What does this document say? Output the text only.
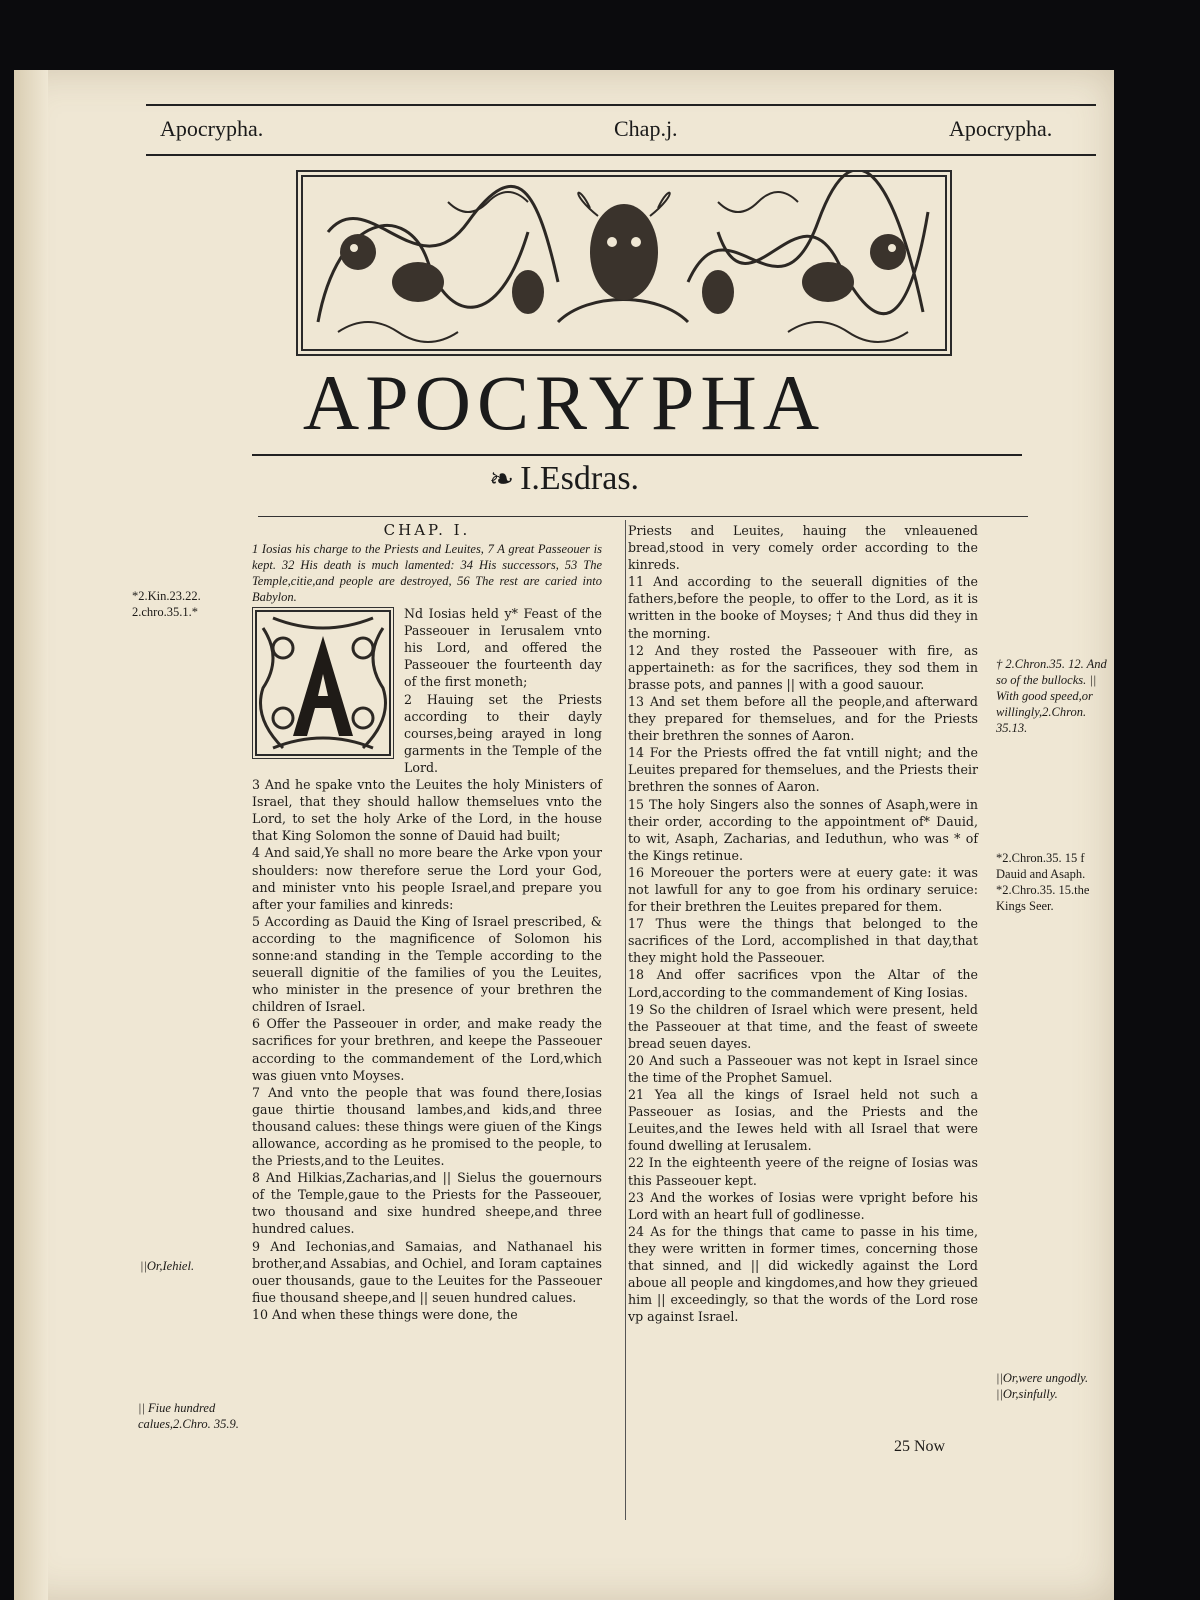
Apocrypha.	Chap.j.	Apocrypha.
APOCRYPHA
❧ I.Esdras.
CHAP. I.

1 Iosias his charge to the Priests and Leuites, 7 A great Passeouer is kept. 32 His death is much lamented: 34 His successors, 53 The Temple,citie,and people are destroyed, 56 The rest are caried into Babylon.

Nd Iosias held y* Feast of the Passeouer in Ierusalem vnto his Lord, and offered the Passeouer the fourteenth day of the first moneth;

2 Hauing set the Priests according to their dayly courses,being arayed in long garments in the Temple of the Lord.

3 And he spake vnto the Leuites the holy Ministers of Israel, that they should hallow themselues vnto the Lord, to set the holy Arke of the Lord, in the house that King Solomon the sonne of Dauid had built;

4 And said,Ye shall no more beare the Arke vpon your shoulders: now therefore serue the Lord your God, and minister vnto his people Israel,and prepare you after your families and kinreds:

5 According as Dauid the King of Israel prescribed, & according to the magnificence of Solomon his sonne:and standing in the Temple according to the seuerall dignitie of the families of you the Leuites, who minister in the presence of your brethren the children of Israel.

6 Offer the Passeouer in order, and make ready the sacrifices for your brethren, and keepe the Passeouer according to the commandement of the Lord,which was giuen vnto Moyses.

7 And vnto the people that was found there,Iosias gaue thirtie thousand lambes,and kids,and three thousand calues: these things were giuen of the Kings allowance, according as he promised to the people, to the Priests,and to the Leuites.

8 And Hilkias,Zacharias,and || Sielus the gouernours of the Temple,gaue to the Priests for the Passeouer, two thousand and sixe hundred sheepe,and three hundred calues.

9 And Iechonias,and Samaias, and Nathanael his brother,and Assabias, and Ochiel, and Ioram captaines ouer thousands, gaue to the Leuites for the Passeouer fiue thousand sheepe,and || seuen hundred calues.

10 And when these things were done, the

Priests and Leuites, hauing the vnleauened bread,stood in very comely order according to the kinreds.

11 And according to the seuerall dignities of the fathers,before the people, to offer to the Lord, as it is written in the booke of Moyses; † And thus did they in the morning.

12 And they rosted the Passeouer with fire, as appertaineth: as for the sacrifices, they sod them in brasse pots, and pannes || with a good sauour.

13 And set them before all the people,and afterward they prepared for themselues, and for the Priests their brethren the sonnes of Aaron.

14 For the Priests offred the fat vntill night; and the Leuites prepared for themselues, and the Priests their brethren the sonnes of Aaron.

15 The holy Singers also the sonnes of Asaph,were in their order, according to the appointment of* Dauid, to wit, Asaph, Zacharias, and Ieduthun, who was * of the Kings retinue.

16 Moreouer the porters were at euery gate: it was not lawfull for any to goe from his ordinary seruice: for their brethren the Leuites prepared for them.

17 Thus were the things that belonged to the sacrifices of the Lord, accomplished in that day,that they might hold the Passeouer.

18 And offer sacrifices vpon the Altar of the Lord,according to the commandement of King Iosias.

19 So the children of Israel which were present, held the Passeouer at that time, and the feast of sweete bread seuen dayes.

20 And such a Passeouer was not kept in Israel since the time of the Prophet Samuel.

21 Yea all the kings of Israel held not such a Passeouer as Iosias, and the Priests and the Leuites,and the Iewes held with all Israel that were found dwelling at Ierusalem.

22 In the eighteenth yeere of the reigne of Iosias was this Passeouer kept.

23 And the workes of Iosias were vpright before his Lord with an heart full of godlinesse.

24 As for the things that came to passe in his time, they were written in former times, concerning those that sinned, and || did wickedly against the Lord aboue all people and kingdomes,and how they grieued him || exceedingly, so that the words of the Lord rose vp against Israel.

*2.Kin.23.22. 2.chro.35.1.*
||Or,Iehiel.
|| Fiue hundred calues,2.Chro. 35.9.
† 2.Chron.35. 12. And so of the bullocks. || With good speed,or willingly,2.Chron. 35.13.
*2.Chron.35. 15 f Dauid and Asaph. *2.Chro.35. 15.the Kings Seer.
||Or,were ungodly. ||Or,sinfully.
25 Now
